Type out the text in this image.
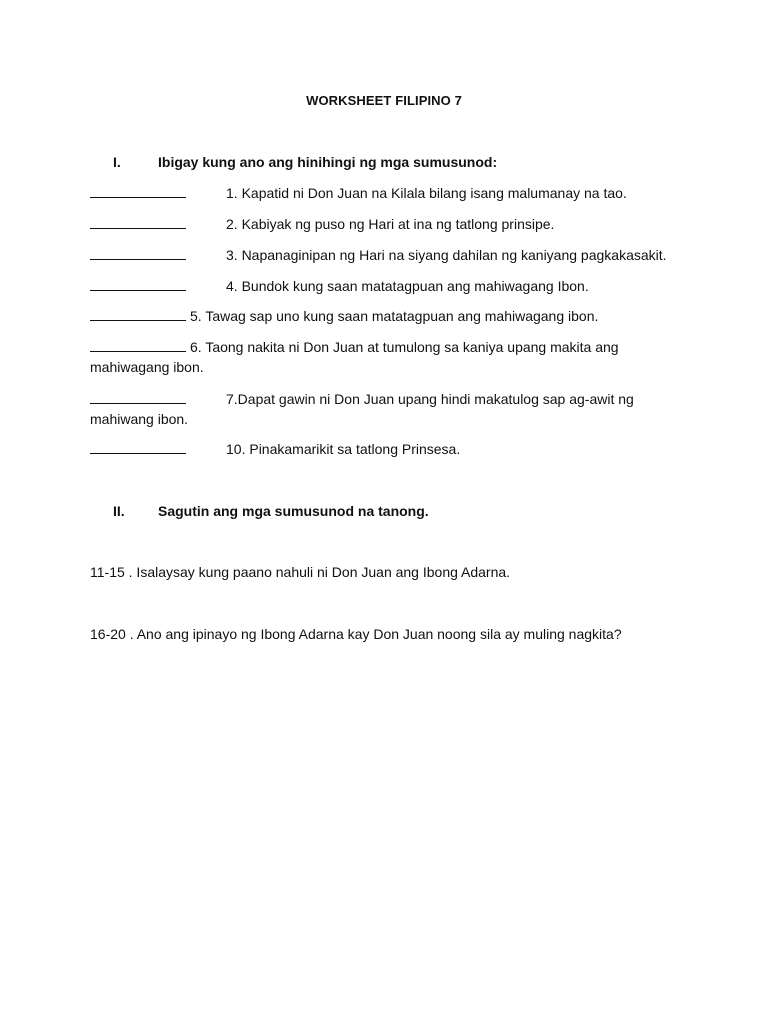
WORKSHEET FILIPINO 7
I.	Ibigay kung ano ang hinihingi ng mga sumusunod:
1. Kapatid ni Don Juan na Kilala bilang isang malumanay na tao.
2. Kabiyak ng puso ng Hari at ina ng tatlong prinsipe.
3. Napanaginipan ng Hari na siyang dahilan ng kaniyang pagkakasakit.
4. Bundok kung saan matatagpuan ang mahiwagang Ibon.
5. Tawag sap uno kung saan matatagpuan ang mahiwagang ibon.
6. Taong nakita ni Don Juan at tumulong sa kaniya upang makita ang
mahiwagang ibon.
7.Dapat gawin ni Don Juan upang hindi makatulog sap ag-awit ng
mahiwang ibon.
10. Pinakamarikit sa tatlong Prinsesa.
II. Sagutin ang mga sumusunod na tanong.
11-15 . Isalaysay kung paano nahuli ni Don Juan ang Ibong Adarna.
16-20 . Ano ang ipinayo ng Ibong Adarna kay Don Juan noong sila ay muling nagkita?
